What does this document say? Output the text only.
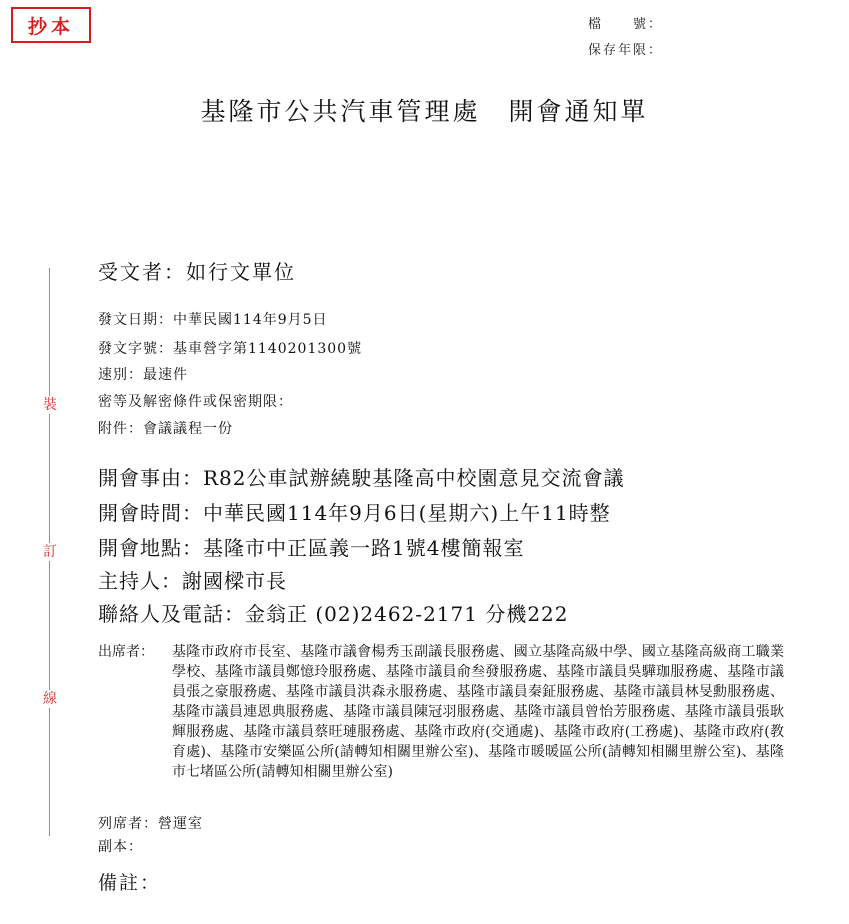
抄本	檔　　號：
保存年限：
基隆市公共汽車管理處　開會通知單
裝
訂
線
受文者：如行文單位
發文日期：中華民國114年9月5日
發文字號：基車營字第1140201300號
速別：最速件
密等及解密條件或保密期限：
附件：會議議程一份
開會事由：R82公車試辦繞駛基隆高中校園意見交流會議
開會時間：中華民國114年9月6日(星期六)上午11時整
開會地點：基隆市中正區義一路1號4樓簡報室
主持人：謝國樑市長
聯絡人及電話：金翁正 (02)2462-2171 分機222
出席者： 基隆市政府市長室、基隆市議會楊秀玉副議長服務處、國立基隆高級中學、國立基隆高級商工職業學校、基隆市議員鄭憶玲服務處、基隆市議員俞叁發服務處、基隆市議員吳驊珈服務處、基隆市議員張之豪服務處、基隆市議員洪森永服務處、基隆市議員秦鉦服務處、基隆市議員林旻勳服務處、基隆市議員連恩典服務處、基隆市議員陳冠羽服務處、基隆市議員曾怡芳服務處、基隆市議員張耿輝服務處、基隆市議員蔡旺璉服務處、基隆市政府(交通處)、基隆市政府(工務處)、基隆市政府(教育處)、基隆市安樂區公所(請轉知相關里辦公室)、基隆市暖暖區公所(請轉知相關里辦公室)、基隆市七堵區公所(請轉知相關里辦公室)
列席者：營運室
副本：
備註：
